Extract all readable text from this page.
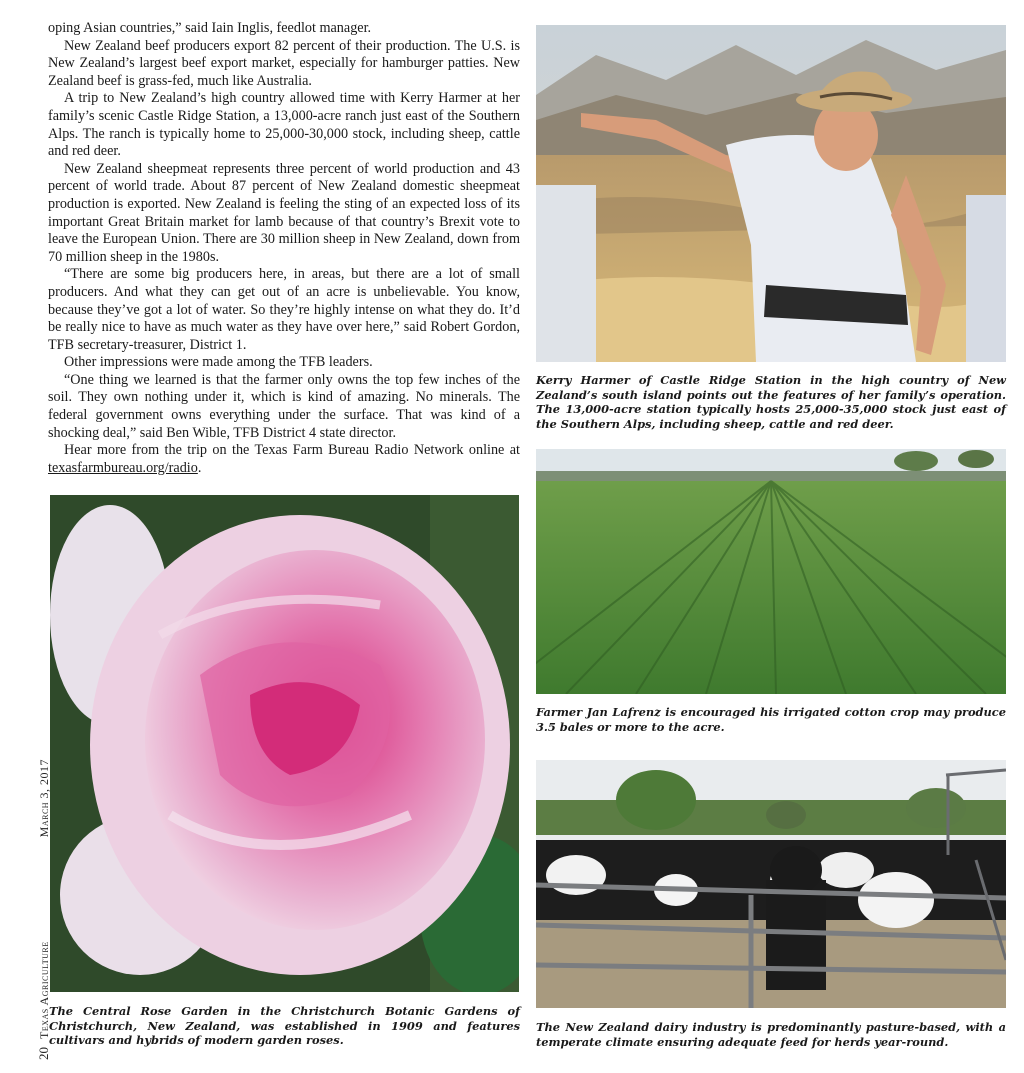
oping Asian countries,” said Iain Inglis, feedlot manager.

New Zealand beef producers export 82 percent of their production. The U.S. is New Zealand’s largest beef export market, especially for hamburger patties. New Zealand beef is grass-fed, much like Australia.

A trip to New Zealand’s high country allowed time with Kerry Harmer at her family’s scenic Castle Ridge Station, a 13,000-acre ranch just east of the Southern Alps. The ranch is typically home to 25,000-30,000 stock, including sheep, cattle and red deer.

New Zealand sheepmeat represents three percent of world production and 43 percent of world trade. About 87 percent of New Zealand domestic sheepmeat production is exported. New Zealand is feeling the sting of an expected loss of its important Great Britain market for lamb because of that country’s Brexit vote to leave the European Union. There are 30 million sheep in New Zealand, down from 70 million sheep in the 1980s.

“There are some big producers here, in areas, but there are a lot of small producers. And what they can get out of an acre is unbelievable. You know, because they’ve got a lot of water. So they’re highly intense on what they do. It’d be really nice to have as much water as they have over here,” said Robert Gordon, TFB secretary-treasurer, District 1.

Other impressions were made among the TFB leaders.

“One thing we learned is that the farmer only owns the top few inches of the soil. They own nothing under it, which is kind of amazing. No minerals. The federal government owns everything under the surface. That was kind of a shocking deal,” said Ben Wible, TFB District 4 state director.

Hear more from the trip on the Texas Farm Bureau Radio Network online at texasfarmbureau.org/radio.

Kerry Harmer of Castle Ridge Station in the high country of New Zealand’s south island points out the features of her family’s operation. The 13,000-acre station typically hosts 25,000-35,000 stock just east of the Southern Alps, including sheep, cattle and red deer.
Farmer Jan Lafrenz is encouraged his irrigated cotton crop may produce 3.5 bales or more to the acre.
The Central Rose Garden in the Christchurch Botanic Gardens of Christchurch, New Zealand, was established in 1909 and features cultivars and hybrids of modern garden roses.
The New Zealand dairy industry is predominantly pasture-based, with a temperate climate ensuring adequate feed for herds year-round.
20Texas AgricultureMarch 3, 2017
